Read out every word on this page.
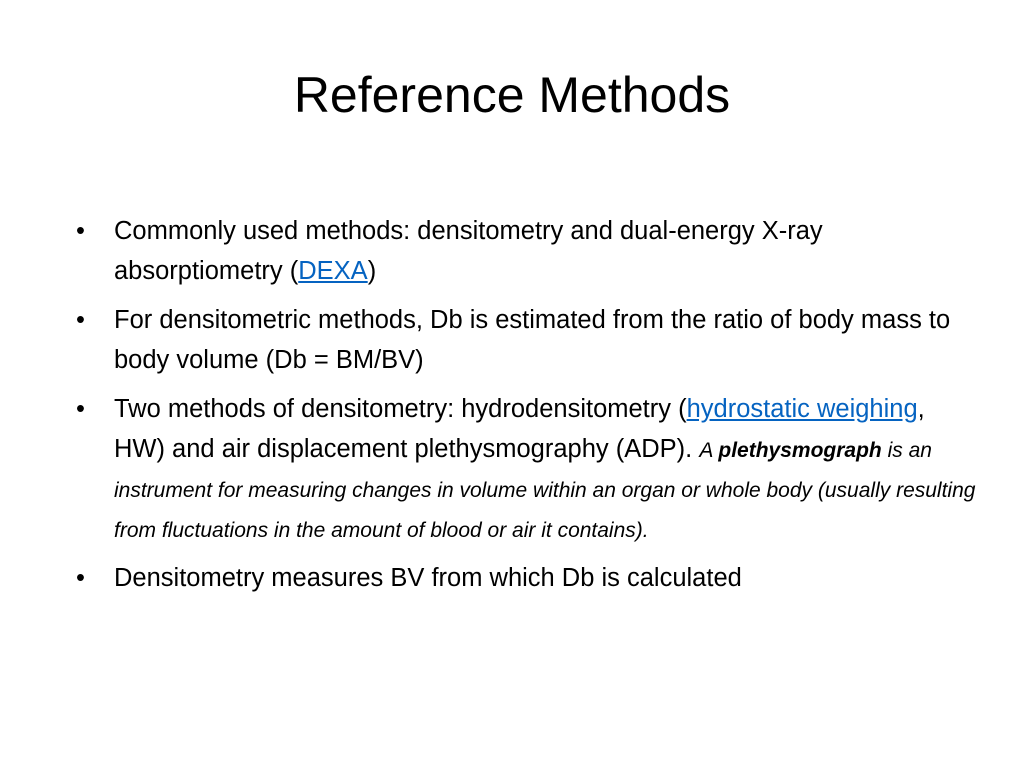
Reference Methods
•	Commonly used methods: densitometry and dual-energy X-ray absorptiometry (DEXA)
•	For densitometric methods, Db is estimated from the ratio of body mass to body volume (Db = BM/BV)
•	Two methods of densitometry: hydrodensitometry (hydrostatic weighing, HW) and air displacement plethysmography (ADP). A plethysmograph is an instrument for measuring changes in volume within an organ or whole body (usually resulting from fluctuations in the amount of blood or air it contains).
•	Densitometry measures BV from which Db is calculated
